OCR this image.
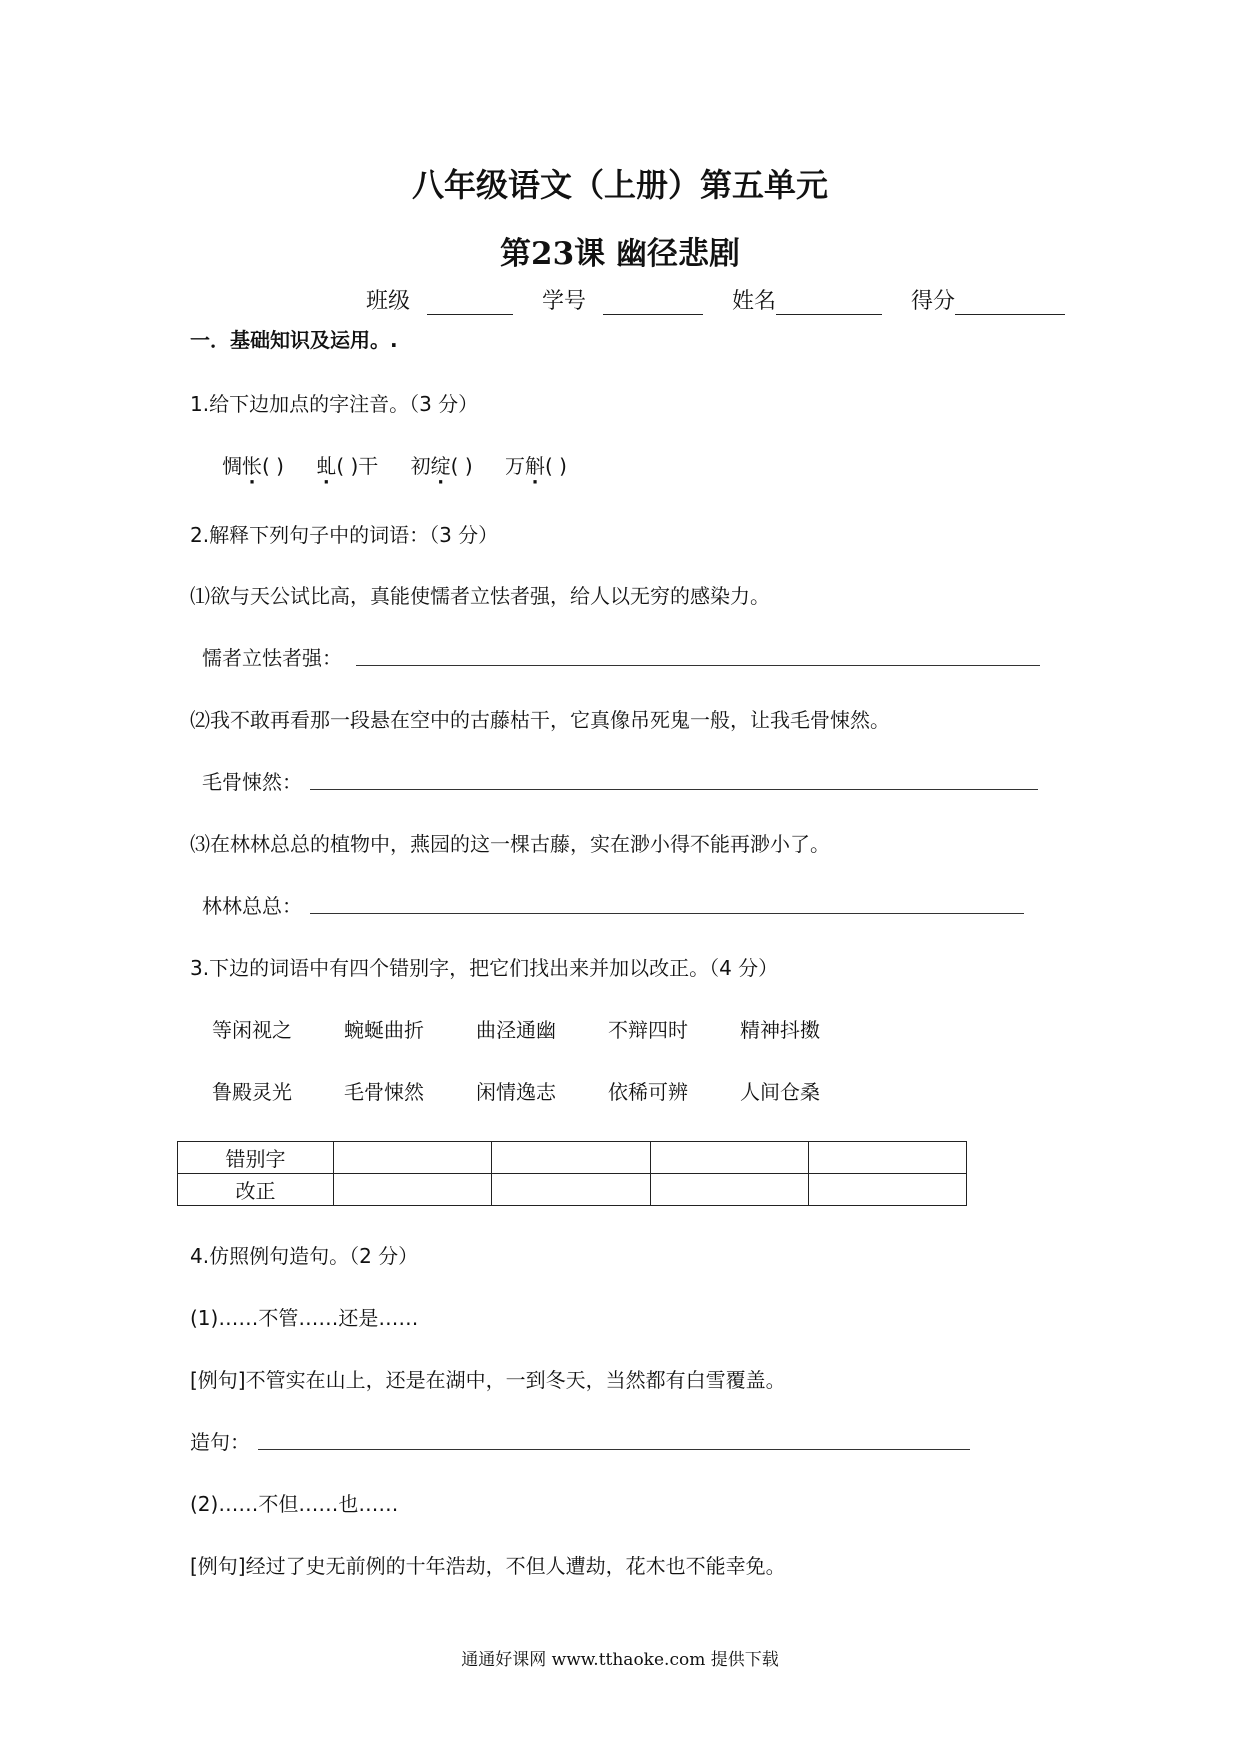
八年级语文（上册）第五单元
第23课 幽径悲剧
班级	学号	姓名	得分
一．基础知识及运用。.
1.给下边加点的字注音。（3 分）
惆怅( ) 虬( )干 初绽( ) 万斛( )
2.解释下列句子中的词语：（3 分）
⑴欲与天公试比高，真能使懦者立怯者强，给人以无穷的感染力。
懦者立怯者强：
⑵我不敢再看那一段悬在空中的古藤枯干，它真像吊死鬼一般，让我毛骨悚然。
毛骨悚然：
⑶在林林总总的植物中，燕园的这一棵古藤，实在渺小得不能再渺小了。
林林总总：
3.下边的词语中有四个错别字，把它们找出来并加以改正。（4 分）
等闲视之	蜿蜒曲折	曲泾通幽	不辩四时	精神抖擞
鲁殿灵光	毛骨悚然	闲情逸志	依稀可辨	人间仓桑
错别字				
改正				
4.仿照例句造句。（2 分）
(1)……不管……还是……
[例句]不管实在山上，还是在湖中，一到冬天，当然都有白雪覆盖。
造句：
(2)……不但……也……
[例句]经过了史无前例的十年浩劫，不但人遭劫，花木也不能幸免。
通通好课网 www.tthaoke.com 提供下载
